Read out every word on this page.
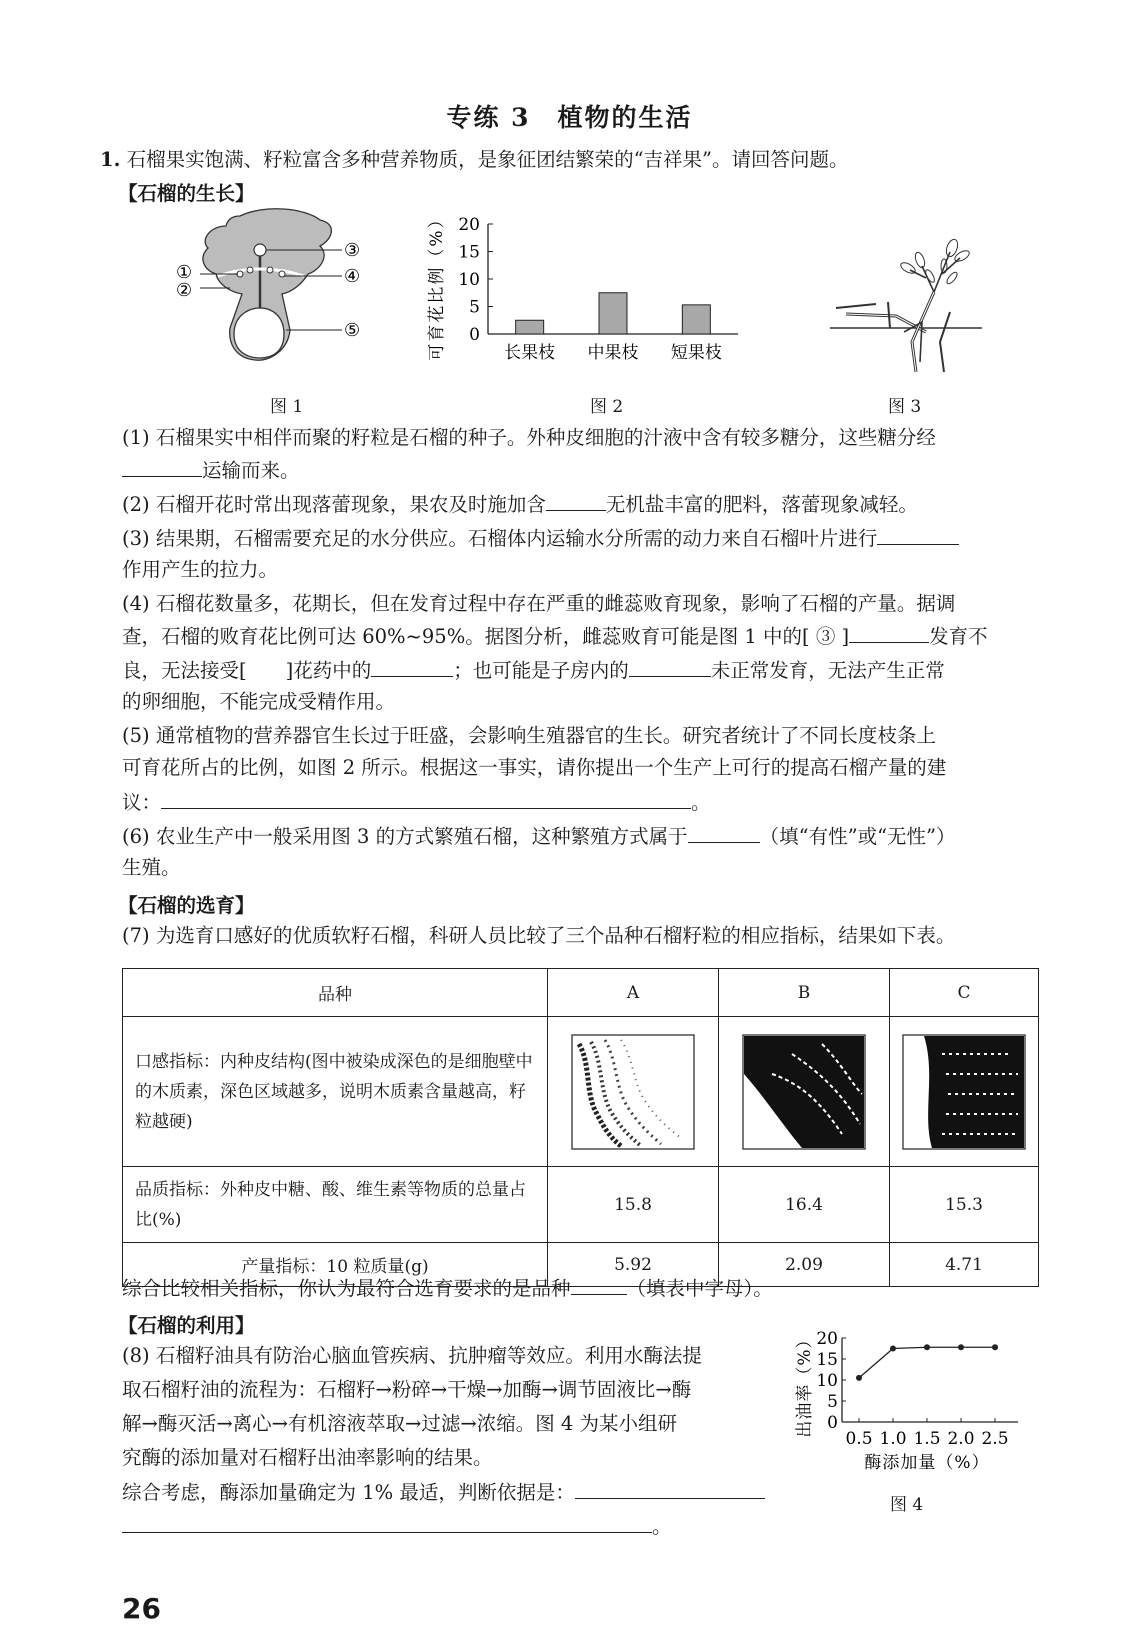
专练 3　植物的生活
1. 石榴果实饱满、籽粒富含多种营养物质，是象征团结繁荣的“吉祥果”。请回答问题。
【石榴的生长】
①
②
③
④
⑤
图 1
0
5
10
15
20
长果枝 中果枝 短果枝
可育花比例（%）
图 2	图 3
(1) 石榴果实中相伴而聚的籽粒是石榴的种子。外种皮细胞的汁液中含有较多糖分，这些糖分经
运输而来。
(2) 石榴开花时常出现落蕾现象，果农及时施加含	无机盐丰富的肥料，落蕾现象减轻。
(3) 结果期，石榴需要充足的水分供应。石榴体内运输水分所需的动力来自石榴叶片进行
作用产生的拉力。
(4) 石榴花数量多，花期长，但在发育过程中存在严重的雌蕊败育现象，影响了石榴的产量。据调
查，石榴的败育花比例可达 60%~95%。据图分析，雌蕊败育可能是图 1 中的[ ③ ]	发育不
良，无法接受[　　]花药中的	；也可能是子房内的	未正常发育，无法产生正常
的卵细胞，不能完成受精作用。
(5) 通常植物的营养器官生长过于旺盛，会影响生殖器官的生长。研究者统计了不同长度枝条上
可育花所占的比例，如图 2 所示。根据这一事实，请你提出一个生产上可行的提高石榴产量的建
议：	。
(6) 农业生产中一般采用图 3 的方式繁殖石榴，这种繁殖方式属于	（填“有性”或“无性”）
生殖。
【石榴的选育】
(7) 为选育口感好的优质软籽石榴，科研人员比较了三个品种石榴籽粒的相应指标，结果如下表。
品种	A	B	C
口感指标：内种皮结构(图中被染成深色的是细胞壁中的木质素，深色区域越多，说明木质素含量越高，籽粒越硬)	

品质指标：外种皮中糖、酸、维生素等物质的总量占比(%)	15.8	16.4	15.3
产量指标：10 粒质量(g)	5.92	2.09	4.71
综合比较相关指标，你认为最符合选育要求的是品种	（填表中字母）。
【石榴的利用】
(8) 石榴籽油具有防治心脑血管疾病、抗肿瘤等效应。利用水酶法提
取石榴籽油的流程为：石榴籽→粉碎→干燥→加酶→调节固液比→酶
解→酶灭活→离心→有机溶液萃取→过滤→浓缩。图 4 为某小组研
究酶的添加量对石榴籽出油率影响的结果。
综合考虑，酶添加量确定为 1% 最适，判断依据是：
。
0
5
10
15
20
0.5 1.0 1.5 2.0 2.5
酶添加量（%）
出油率（%）
图 4
26
